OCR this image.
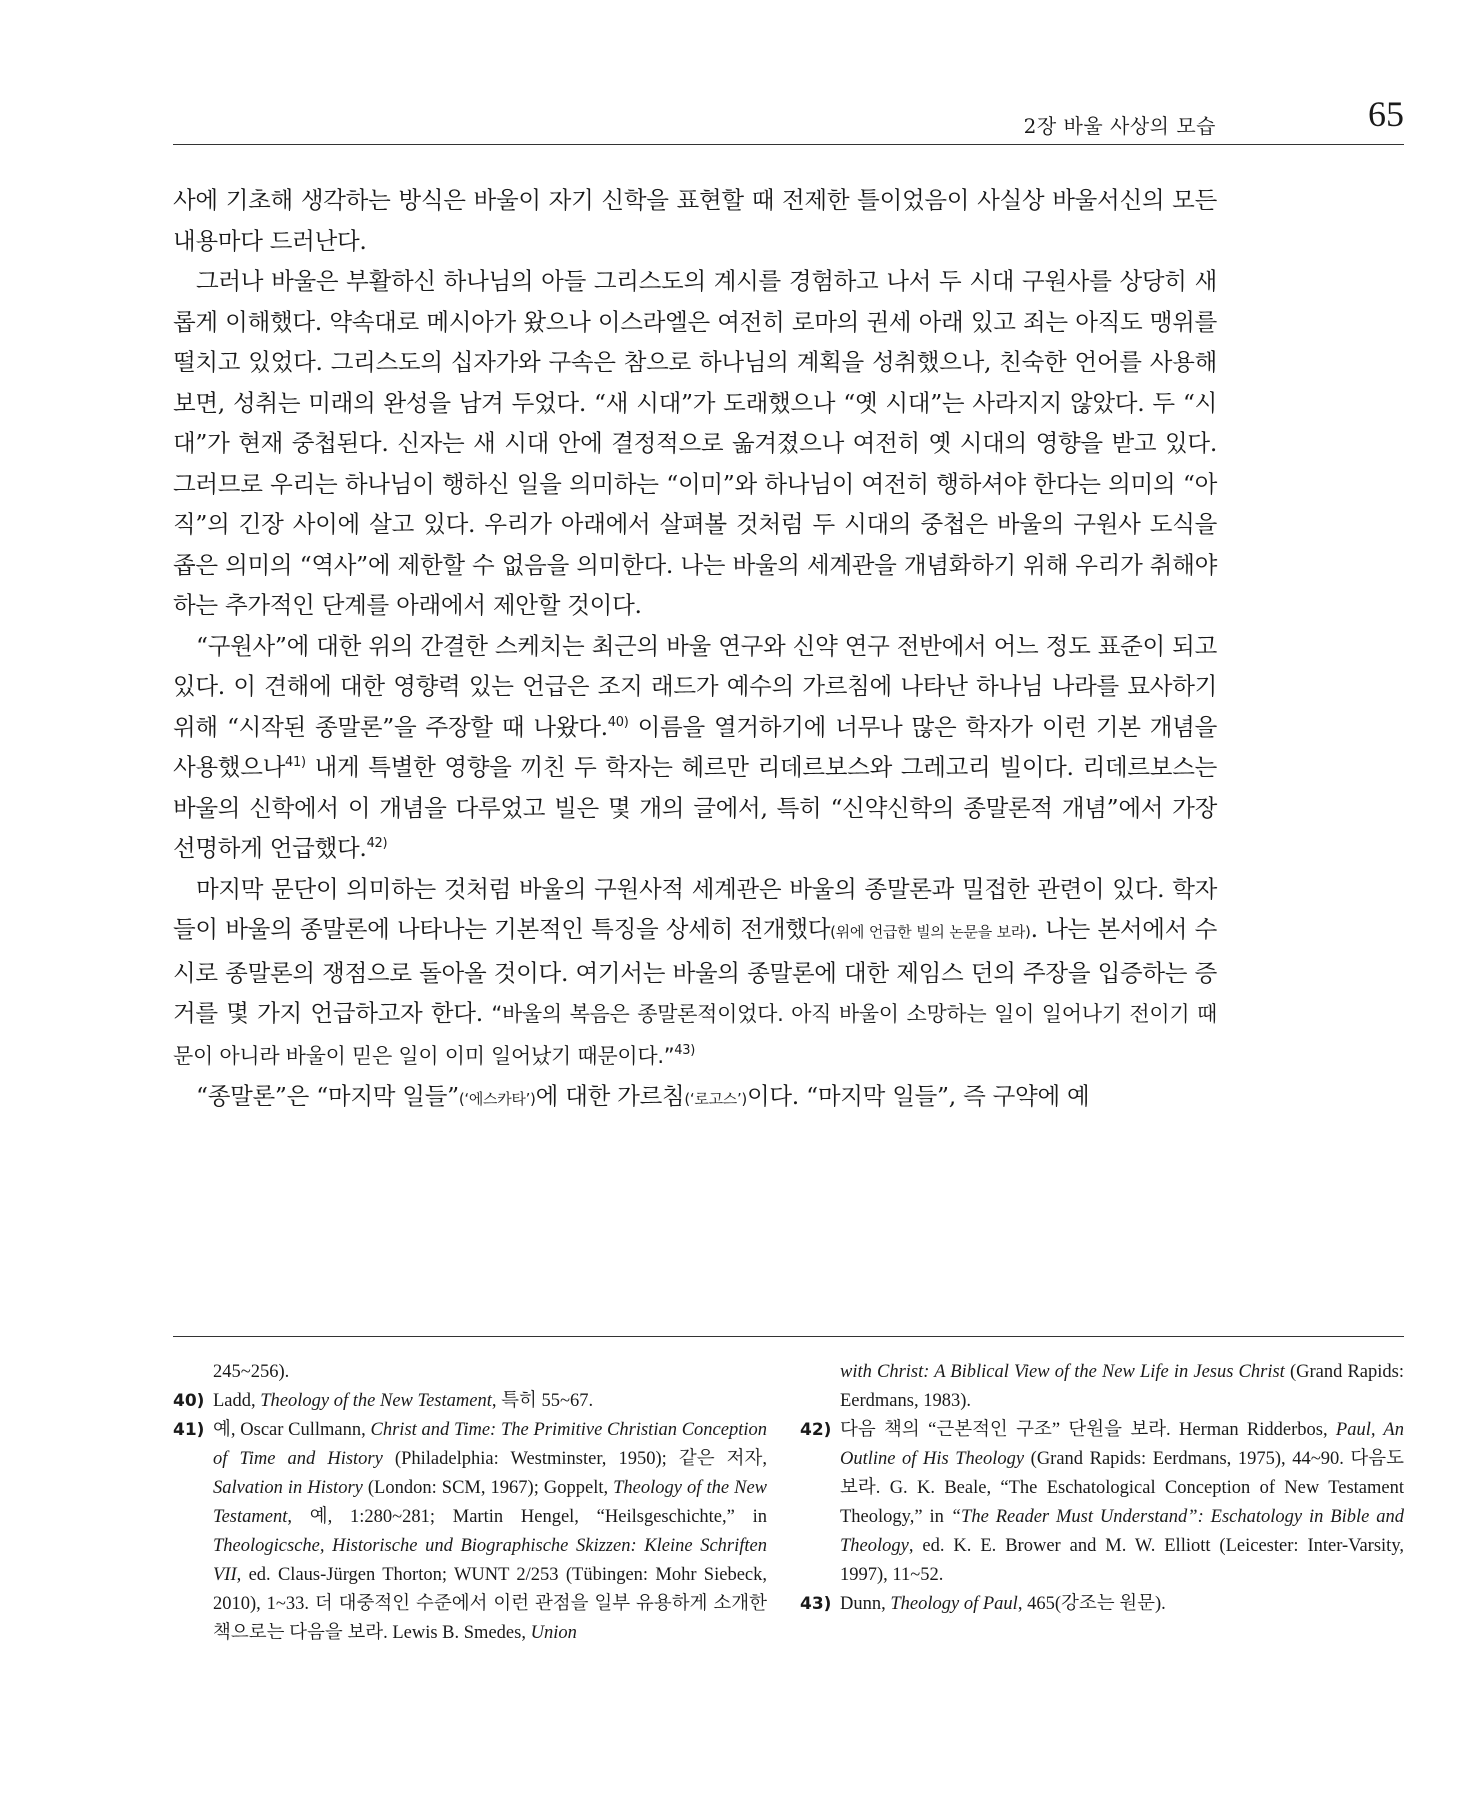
2장 바울 사상의 모습	65

사에 기초해 생각하는 방식은 바울이 자기 신학을 표현할 때 전제한 틀이었음이 사실상 바울서신의 모든 내용마다 드러난다.

그러나 바울은 부활하신 하나님의 아들 그리스도의 계시를 경험하고 나서 두 시대 구원사를 상당히 새롭게 이해했다. 약속대로 메시아가 왔으나 이스라엘은 여전히 로마의 권세 아래 있고 죄는 아직도 맹위를 떨치고 있었다. 그리스도의 십자가와 구속은 참으로 하나님의 계획을 성취했으나, 친숙한 언어를 사용해 보면, 성취는 미래의 완성을 남겨 두었다. “새 시대”가 도래했으나 “옛 시대”는 사라지지 않았다. 두 “시대”가 현재 중첩된다. 신자는 새 시대 안에 결정적으로 옮겨졌으나 여전히 옛 시대의 영향을 받고 있다. 그러므로 우리는 하나님이 행하신 일을 의미하는 “이미”와 하나님이 여전히 행하셔야 한다는 의미의 “아직”의 긴장 사이에 살고 있다. 우리가 아래에서 살펴볼 것처럼 두 시대의 중첩은 바울의 구원사 도식을 좁은 의미의 “역사”에 제한할 수 없음을 의미한다. 나는 바울의 세계관을 개념화하기 위해 우리가 취해야 하는 추가적인 단계를 아래에서 제안할 것이다.

“구원사”에 대한 위의 간결한 스케치는 최근의 바울 연구와 신약 연구 전반에서 어느 정도 표준이 되고 있다. 이 견해에 대한 영향력 있는 언급은 조지 래드가 예수의 가르침에 나타난 하나님 나라를 묘사하기 위해 “시작된 종말론”을 주장할 때 나왔다.$^{40)}$ 이름을 열거하기에 너무나 많은 학자가 이런 기본 개념을 사용했으나$^{41)}$ 내게 특별한 영향을 끼친 두 학자는 헤르만 리데르보스와 그레고리 빌이다. 리데르보스는 바울의 신학에서 이 개념을 다루었고 빌은 몇 개의 글에서, 특히 “신약신학의 종말론적 개념”에서 가장 선명하게 언급했다.$^{42)}$

마지막 문단이 의미하는 것처럼 바울의 구원사적 세계관은 바울의 종말론과 밀접한 관련이 있다. 학자들이 바울의 종말론에 나타나는 기본적인 특징을 상세히 전개했다(위에 언급한 빌의 논문을 보라). 나는 본서에서 수시로 종말론의 쟁점으로 돌아올 것이다. 여기서는 바울의 종말론에 대한 제임스 던의 주장을 입증하는 증거를 몇 가지 언급하고자 한다. “바울의 복음은 종말론적이었다. 아직 바울이 소망하는 일이 일어나기 전이기 때문이 아니라 바울이 믿은 일이 이미 일어났기 때문이다.”$^{43)}$

“종말론”은 “마지막 일들”(‘에스카타’)에 대한 가르침(‘로고스’)이다. “마지막 일들”, 즉 구약에 예

245~256).

40) Ladd, Theology of the New Testament, 특히 55~67.

41) 예, Oscar Cullmann, Christ and Time: The Primitive Christian Conception of Time and History (Philadelphia: Westminster, 1950); 같은 저자, Salvation in History (London: SCM, 1967); Goppelt, Theology of the New Testament, 예, 1:280~281; Martin Hengel, “Heilsgeschichte,” in Theologicsche, Historische und Biographische Skizzen: Kleine Schriften VII, ed. Claus-Jürgen Thorton; WUNT 2/253 (Tübingen: Mohr Siebeck, 2010), 1~33. 더 대중적인 수준에서 이런 관점을 일부 유용하게 소개한 책으로는 다음을 보라. Lewis B. Smedes, Union

with Christ: A Biblical View of the New Life in Jesus Christ (Grand Rapids: Eerdmans, 1983).

42) 다음 책의 “근본적인 구조” 단원을 보라. Herman Ridderbos, Paul, An Outline of His Theology (Grand Rapids: Eerdmans, 1975), 44~90. 다음도 보라. G. K. Beale, “The Eschatological Conception of New Testament Theology,” in “The Reader Must Understand”: Eschatology in Bible and Theology, ed. K. E. Brower and M. W. Elliott (Leicester: Inter-Varsity, 1997), 11~52.

43) Dunn, Theology of Paul, 465(강조는 원문).
